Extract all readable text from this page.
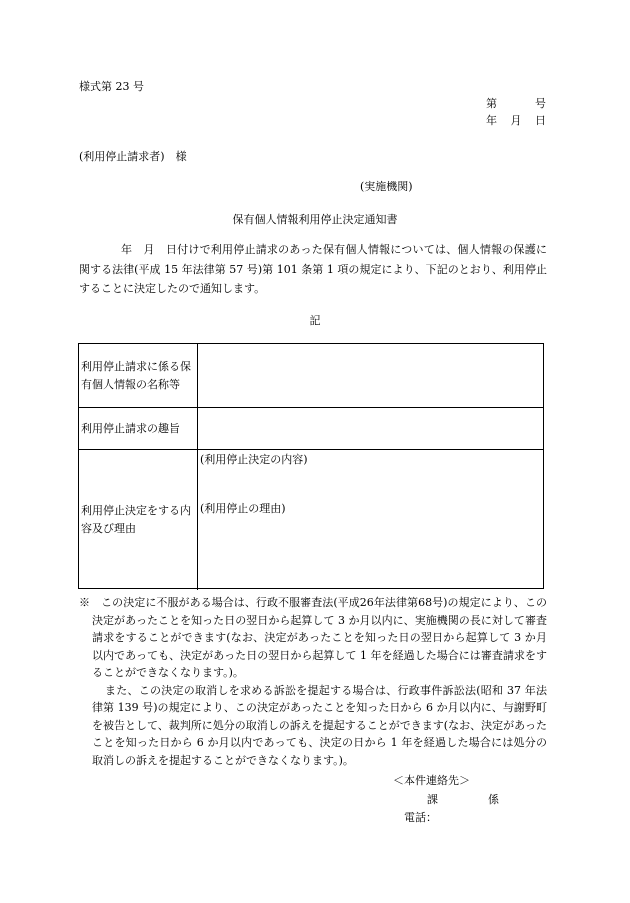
様式第 23 号
第	号
年 月 日
(利用停止請求者)　様
(実施機関)
保有個人情報利用停止決定通知書
年　月　日付けで利用停止請求のあった保有個人情報については、個人情報の保護に関する法律(平成 15 年法律第 57 号)第 101 条第 1 項の規定により、下記のとおり、利用停止することに決定したので通知します。
記
利用停止請求に係る保有個人情報の名称等
利用停止請求の趣旨
利用停止決定をする内容及び理由
(利用停止決定の内容)
(利用停止の理由)

※　この決定に不服がある場合は、行政不服審査法(平成26年法律第68号)の規定により、この決定があったことを知った日の翌日から起算して 3 か月以内に、実施機関の長に対して審査請求をすることができます(なお、決定があったことを知った日の翌日から起算して 3 か月以内であっても、決定があった日の翌日から起算して 1 年を経過した場合には審査請求をすることができなくなります。)。

また、この決定の取消しを求める訴訟を提起する場合は、行政事件訴訟法(昭和 37 年法律第 139 号)の規定により、この決定があったことを知った日から 6 か月以内に、与謝野町を被告として、裁判所に処分の取消しの訴えを提起することができます(なお、決定があったことを知った日から 6 か月以内であっても、決定の日から 1 年を経過した場合には処分の取消しの訴えを提起することができなくなります。)。

＜本件連絡先＞
課	係
電話：
